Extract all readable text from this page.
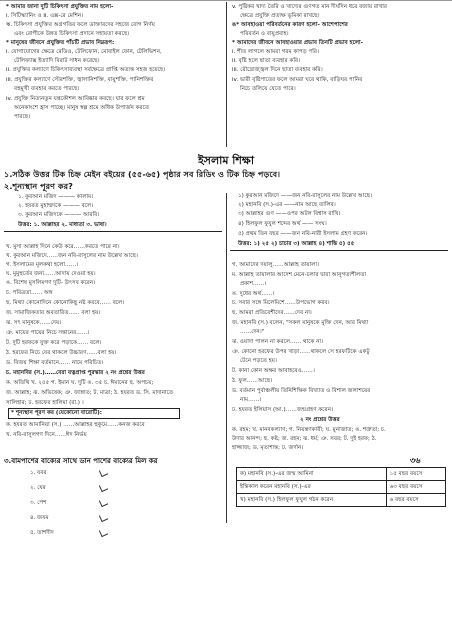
* আমার জানা দুটি চিকিৎসা প্রযুক্তির নাম হলো-
i. সিটিস্ক্যানিং ও ii. এক্স-রে মেশিন।
ঋ. চিকিৎসা প্রযুক্তির অগ্রগতির ফলে ডাক্তারদের সহজে রোগ নির্ণয়
এবং রোগীকে উন্নত চিকিৎসা প্রদানে সহায়তা করছে।
* মানুষের জীবনে প্রযুক্তির পাঁচটি প্রভাব নিম্নরূপ:
i. যোগাযোগের ক্ষেত্রে রেডিও, টেলিফোন, মোবাইল ফোন, টেলিভিশন,
টেলিফ্যাক্স ইত্যাদি বিরাট সাধন করেছে।
ii. প্রযুক্তির কল্যাণে চিকিৎসাব্যবস্থা সর্বক্ষেত্রে প্রাপ্তি অত্যন্ত সহজ হয়েছে।
iii. প্রযুক্তির কল্যাণে সৌরশক্তি, জ্বালানিশক্তি, বায়ুশক্তি, পানিশক্তির
বহুমুখী ব্যবহার করতে পারছে।
iv. প্রযুক্তি নিত্যনতুন যন্ত্রকৌশল আবিষ্কার করছে। যার ফলে শ্রম
অনেকাংশে হ্রাস পাচ্ছে। মানুষ স্বল্প শ্রমে অধিক উপার্জন করতে
পারছে।
v. পুষ্টিকর খাদ্য তৈরি ও খাদ্যের গুণগত মান দীর্ঘদিন ধরে বজায় রাখার
ক্ষেত্রে প্রযুক্তি প্রত্যক্ষ ভূমিকা রাখছে।
ঙ* আবহাওয়া পরিবর্তনের কারণ হলো- আশেপাশের
পরিবর্তন ও বায়ুপ্রবাহ।
* আমাদের জীবনে আবহাওয়ার প্রভাব তিনটি প্রভাব হলো-
i. শীত লাগলে আমরা গরম কাপড় পরি।
ii. বৃষ্টি হলে ছাতা ব্যবহার করি।
iii. রৌদ্রোজ্জ্বল দিনে ছাতা ব্যবহার করি।
iv. ভারী বৃষ্টিপাতের ফলে আমরা ঘরে থাকি, বাড়িঘর পানির
নিচে তলিয়ে যেতে পারে।
ইসলাম শিক্ষা
১.সঠিক উত্তর টিক চিহ্ন মেইন বইয়ের (৫৫-৬৫) পৃষ্ঠার সব রিডিং ও টিক চিহ্ন পড়বে।
২.শূন্যস্থান পূরণ কর?
১. কুরআন মজিদ ——— কালাম।
২. হযরত মুহাম্মদকে ——— বলে।
৩. কুরআন মজিদকে ——— আরবি।
উত্তর: ১. আল্লাহর ২. মাধ্যতা ৩. ভাষা।
খ. মুসা আল্লাহ দিনে কেউ করে……করতে পারে না।
খ. কুরআন মজিদে……জন নবি-রাসুলের নাম উল্লেখ আছে।
গ. ইসলামের মূলকথা হলো……।
ঘ. মুমুহুর্তের জন্য……আদায় দেওয়া হয়।
ঙ. বিশেষ মুসলিমগণ দুটি- উৎসব করেন।
চ. পবিত্রতা…… অঙ্গ
ছ. মিথ্যা কোনোদিনে কোনোকিছু নষ্ট করবে…… বলে।
জ. সামাজিকতার অবতারিত…… বলা হয়।
ঝ. সৎ মানুষকে……দেয়।
ঞ. মায়ের পায়ের নিচে সন্তানের……।
ট. দুটি হরফকে যুক্ত করে পড়াকে…… বলে।
ঠ. হরফের নিচে যের থাকলে উচ্চারণ……বলা হয়।
ড. বিজয় শিক্ষা বর্তমানে…… নামে পরিচিত।
চ. মহানবির (স.)……বেরা যত্নপ্রাপ্ত পুরস্কার ২ নং প্রশ্নের উত্তর
ক. অতিথি খ. ২৫৫ গ. ইমান ঘ. দুটি ঙ. ৩৫ চ. ঈমানের ছ. অপচয়;
জ. আল্লাহ; ঝ. অভিষেক; ঞ. জান্নাত; ট. মাত্রা; ঠ. হযরত ড. সি. মাদানাতে
সালিহার; ঢ. হরফের হালিমা (রা.) ।
* শূন্যস্থান পূরণ কর (যেকোনো বারোটি):
ক. হযরত আমানিয়া (স.) ……আল্লাহর হুকুমে……কনজ করবে
খ. নবি-রাসুলগণ দিনে……ঈদ নির্ভয়
১) কুরআন মজিদে ——জন নবি-রাসুলের নাম উল্লেখ আছে।
২) মহানবি (স.)-এর ——নাম আছে তালিব।
৩) আল্লাহর গুণ ——ওপর অটল বিশ্বাস রাখি।
৪) হিলফুল ফুযুল শব্দের অর্থ —— সংঘ।
৫) প্রথম তিন বছর ——জন নবি-নারী ইসলাম গ্রহণ করেন।
উত্তর: ১) ২৫ ২) চাচার ৩) আল্লাহ ৪) শান্তি ৫) ৫৫
গ. আমাদের দয়ালু……আল্লাহ তায়ালা।
ম. আল্লাহ তায়ালার আদেশ মেনে-চলার দ্বারা আনুগত্যশীলতা
প্রকাশ……।
ঙ. দুধের অর্থ……।
চ. সবার সঙ্গে মিলেমিশে……উপভোগ করব।
ছ. আমরা প্রতিবেশীদের……দেব না।
জ. মহানবি (স.) বলেন, "সকল মানুষকে মুক্তি দেন, আর মিথ্যা
……দেন।"
ঝ. ওয়াদা পালন না করলে…… থাকে না।
ঞ. কোনো হরফের উপর খাড়া……থাকলে সে হরফটিকে একটু
টেনে পড়তে হয়।
ট. কানা কোন অক্ষর আবাহবেও……।
ঠ. ফুল……আছে।
ড. বর্তমান পুর্বাঞ্চলীয় তিনিশিক্ষিক বিখ্যাত ও বিশাল জলাশয়ের
নাম……।
ঢ. হযরত ইলিয়াস (আ.)……জন্মগ্রহণ করেন।
২ নং প্রশ্নের উত্তর
ক. রহম; খ. মানবকল্যাণ; গ. নিয়ন্ত্রণকারী; ঘ. মুনাজাত; ঙ. শত্রুতা; চ.
উদার আনন্দ; ছ. কষ্ট; জ. রহম; ঝ. ধর্ম; ঞ. সবর; ট. দুই হরফ; ঠ.
হাজ্জাজ; ড. মৃত্যশান্ত; ঢ. জর্দান।
৩.বামপাশের বাক্যের সাথে ডান পাশের বাক্যের মিল কর	৩৬
১. যবর
২. যের
৩. পেশ
৪. জযম
৫. তাশদীদ
ক) মহানবি (স.)-এর জন্ম আমিনা	১৫ বছর বয়সে
ইন্তিকাল করেন মহানবি (স.)-এর	৬৩ বছর বয়সে
খ) মহানবি (স.) হিলফুল ফুযুল গঠন করেন	৬ বছর বয়সে
